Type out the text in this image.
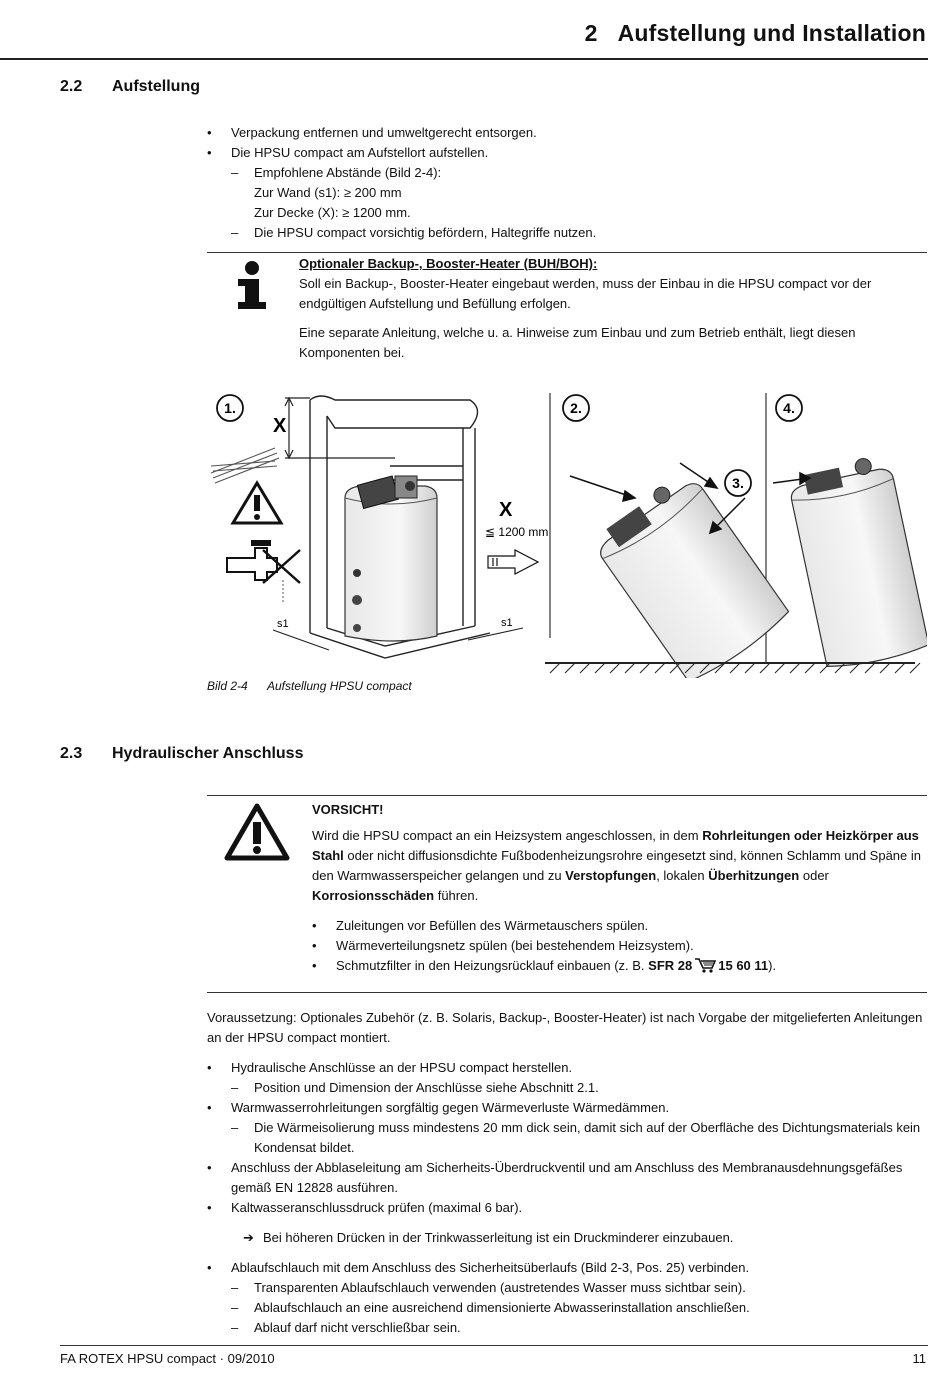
2 Aufstellung und Installation
2.2 Aufstellung
• Verpackung entfernen und umweltgerecht entsorgen.
• Die HPSU compact am Aufstellort aufstellen.
– Empfohlene Abstände (Bild 2-4):
Zur Wand (s1): ≥ 200 mm
Zur Decke (X): ≥ 1200 mm.
– Die HPSU compact vorsichtig befördern, Haltegriffe nutzen.

Optionaler Backup-, Booster-Heater (BUH/BOH):

Soll ein Backup-, Booster-Heater eingebaut werden, muss der Einbau in die HPSU compact vor der endgültigen Aufstellung und Befüllung erfolgen.

Eine separate Anleitung, welche u. a. Hinweise zum Einbau und zum Betrieb enthält, liegt diesen Komponenten bei.

1.	2.
3.
4.
X
s1	s1
X
≦ 1200 mm
Bild 2-4 Aufstellung HPSU compact
2.3 Hydraulischer Anschluss

VORSICHT!

Wird die HPSU compact an ein Heizsystem angeschlossen, in dem Rohrleitungen oder Heizkörper aus Stahl oder nicht diffusionsdichte Fußbodenheizungsrohre eingesetzt sind, können Schlamm und Späne in den Warmwasserspeicher gelangen und zu Verstopfungen, lokalen Überhitzungen oder Korrosionsschäden führen.

• Zuleitungen vor Befüllen des Wärmetauschers spülen.
• Wärmeverteilungsnetz spülen (bei bestehendem Heizsystem).
• Schmutzfilter in den Heizungsrücklauf einbauen (z. B. SFR 28 15 60 11).
Voraussetzung: Optionales Zubehör (z. B. Solaris, Backup-, Booster-Heater) ist nach Vorgabe der mitgelieferten Anleitungen an der HPSU compact montiert.
• Hydraulische Anschlüsse an der HPSU compact herstellen.
– Position und Dimension der Anschlüsse siehe Abschnitt 2.1.
• Warmwasserrohrleitungen sorgfältig gegen Wärmeverluste Wärmedämmen.
– Die Wärmeisolierung muss mindestens 20 mm dick sein, damit sich auf der Oberfläche des Dichtungsmaterials kein Kondensat bildet.
• Anschluss der Abblaseleitung am Sicherheits-Überdruckventil und am Anschluss des Membranausdehnungsgefäßes gemäß EN 12828 ausführen.
• Kaltwasseranschlussdruck prüfen (maximal 6 bar).
➔ Bei höheren Drücken in der Trinkwasserleitung ist ein Druckminderer einzubauen.
• Ablaufschlauch mit dem Anschluss des Sicherheitsüberlaufs (Bild 2-3, Pos. 25) verbinden.
– Transparenten Ablaufschlauch verwenden (austretendes Wasser muss sichtbar sein).
– Ablaufschlauch an eine ausreichend dimensionierte Abwasserinstallation anschließen.
– Ablauf darf nicht verschließbar sein.
FA ROTEX HPSU compact · 09/2010	11
